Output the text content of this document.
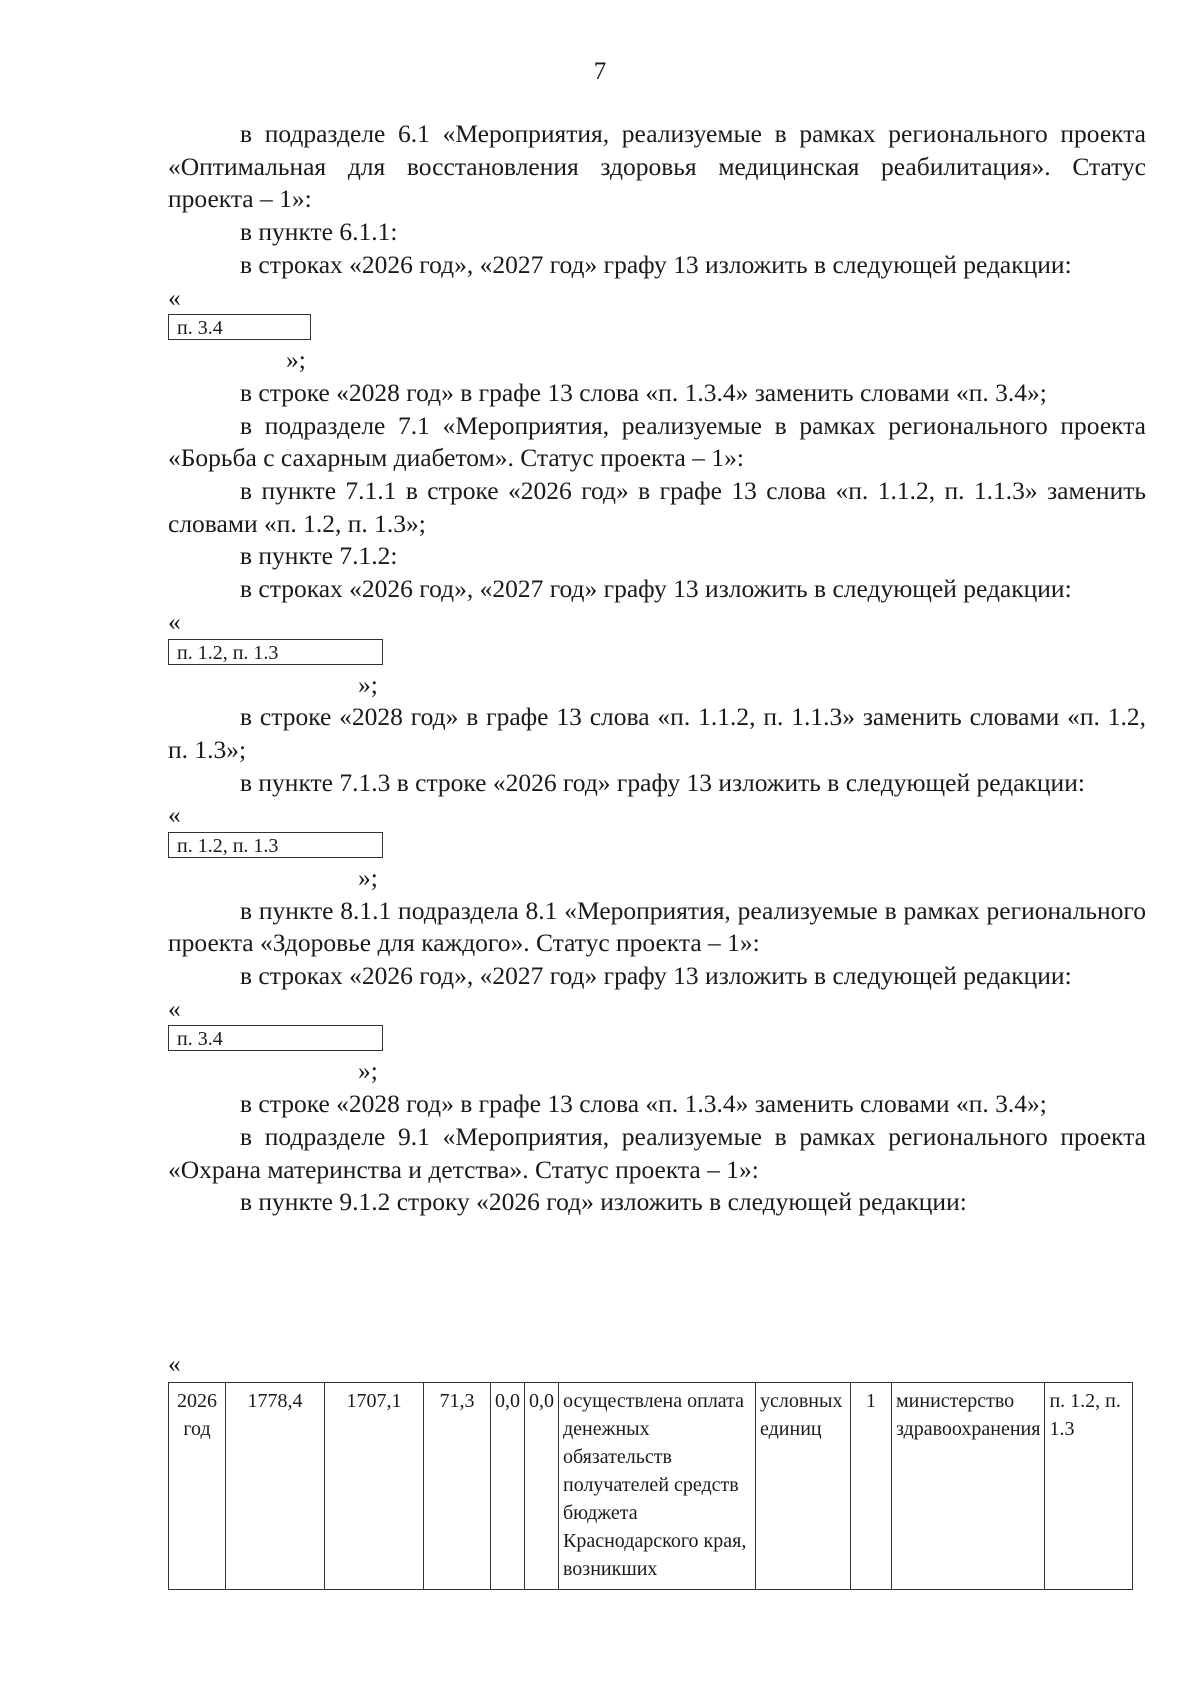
7

в подразделе 6.1 «Мероприятия, реализуемые в рамках регионального проекта «Оптимальная для восстановления здоровья медицинская реабилитация». Статус проекта – 1»:

в пункте 6.1.1:

в строках «2026 год», «2027 год» графу 13 изложить в следующей редакции:

«
п. 3.4
»;

в строке «2028 год» в графе 13 слова «п. 1.3.4» заменить словами «п. 3.4»;

в подразделе 7.1 «Мероприятия, реализуемые в рамках регионального проекта «Борьба с сахарным диабетом». Статус проекта – 1»:

в пункте 7.1.1 в строке «2026 год» в графе 13 слова «п. 1.1.2, п. 1.1.3» заменить словами «п. 1.2, п. 1.3»;

в пункте 7.1.2:

в строках «2026 год», «2027 год» графу 13 изложить в следующей редакции:

«
п. 1.2, п. 1.3
»;

в строке «2028 год» в графе 13 слова «п. 1.1.2, п. 1.1.3» заменить словами «п. 1.2, п. 1.3»;

в пункте 7.1.3 в строке «2026 год» графу 13 изложить в следующей редакции:

«
п. 1.2, п. 1.3
»;

в пункте 8.1.1 подраздела 8.1 «Мероприятия, реализуемые в рамках регионального проекта «Здоровье для каждого». Статус проекта – 1»:

в строках «2026 год», «2027 год» графу 13 изложить в следующей редакции:

«
п. 3.4
»;

в строке «2028 год» в графе 13 слова «п. 1.3.4» заменить словами «п. 3.4»;

в подразделе 9.1 «Мероприятия, реализуемые в рамках регионального проекта «Охрана материнства и детства». Статус проекта – 1»:

в пункте 9.1.2 строку «2026 год» изложить в следующей редакции:

«
2026 год	1778,4	1707,1	71,3	0,0	0,0	осуществлена оплата денежных обязательств получателей средств бюджета Краснодарского края, возникших	условных единиц	1	министерство здравоохранения	п. 1.2, п. 1.3
